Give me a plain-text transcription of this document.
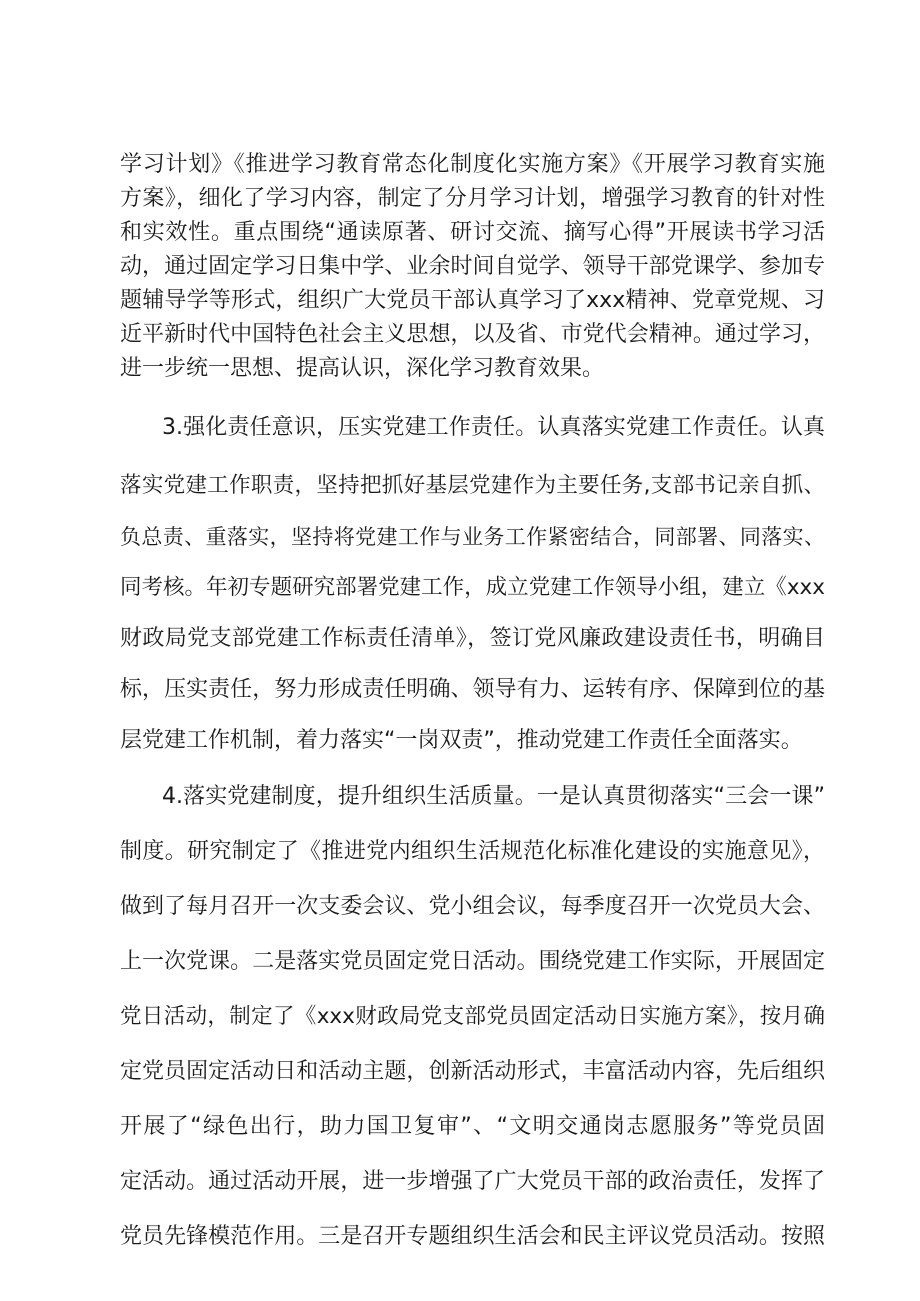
学习计划》《推进学习教育常态化制度化实施方案》《开展学习教育实施
方案》，细化了学习内容，制定了分月学习计划，增强学习教育的针对性
和实效性。重点围绕“通读原著、研讨交流、摘写心得”开展读书学习活
动，通过固定学习日集中学、业余时间自觉学、领导干部党课学、参加专
题辅导学等形式，组织广大党员干部认真学习了xxx精神、党章党规、习
近平新时代中国特色社会主义思想，以及省、市党代会精神。通过学习，
进一步统一思想、提高认识，深化学习教育效果。
3.强化责任意识，压实党建工作责任。认真落实党建工作责任。认真
落实党建工作职责，坚持把抓好基层党建作为主要任务,支部书记亲自抓、
负总责、重落实，坚持将党建工作与业务工作紧密结合，同部署、同落实、
同考核。年初专题研究部署党建工作，成立党建工作领导小组，建立《xxx
财政局党支部党建工作标责任清单》，签订党风廉政建设责任书，明确目
标，压实责任，努力形成责任明确、领导有力、运转有序、保障到位的基
层党建工作机制，着力落实“一岗双责”，推动党建工作责任全面落实。
4.落实党建制度，提升组织生活质量。一是认真贯彻落实“三会一课”
制度。研究制定了《推进党内组织生活规范化标准化建设的实施意见》，
做到了每月召开一次支委会议、党小组会议，每季度召开一次党员大会、
上一次党课。二是落实党员固定党日活动。围绕党建工作实际，开展固定
党日活动，制定了《xxx财政局党支部党员固定活动日实施方案》，按月确
定党员固定活动日和活动主题，创新活动形式，丰富活动内容，先后组织
开展了“绿色出行，助力国卫复审”、“文明交通岗志愿服务”等党员固
定活动。通过活动开展，进一步增强了广大党员干部的政治责任，发挥了
党员先锋模范作用。三是召开专题组织生活会和民主评议党员活动。按照
